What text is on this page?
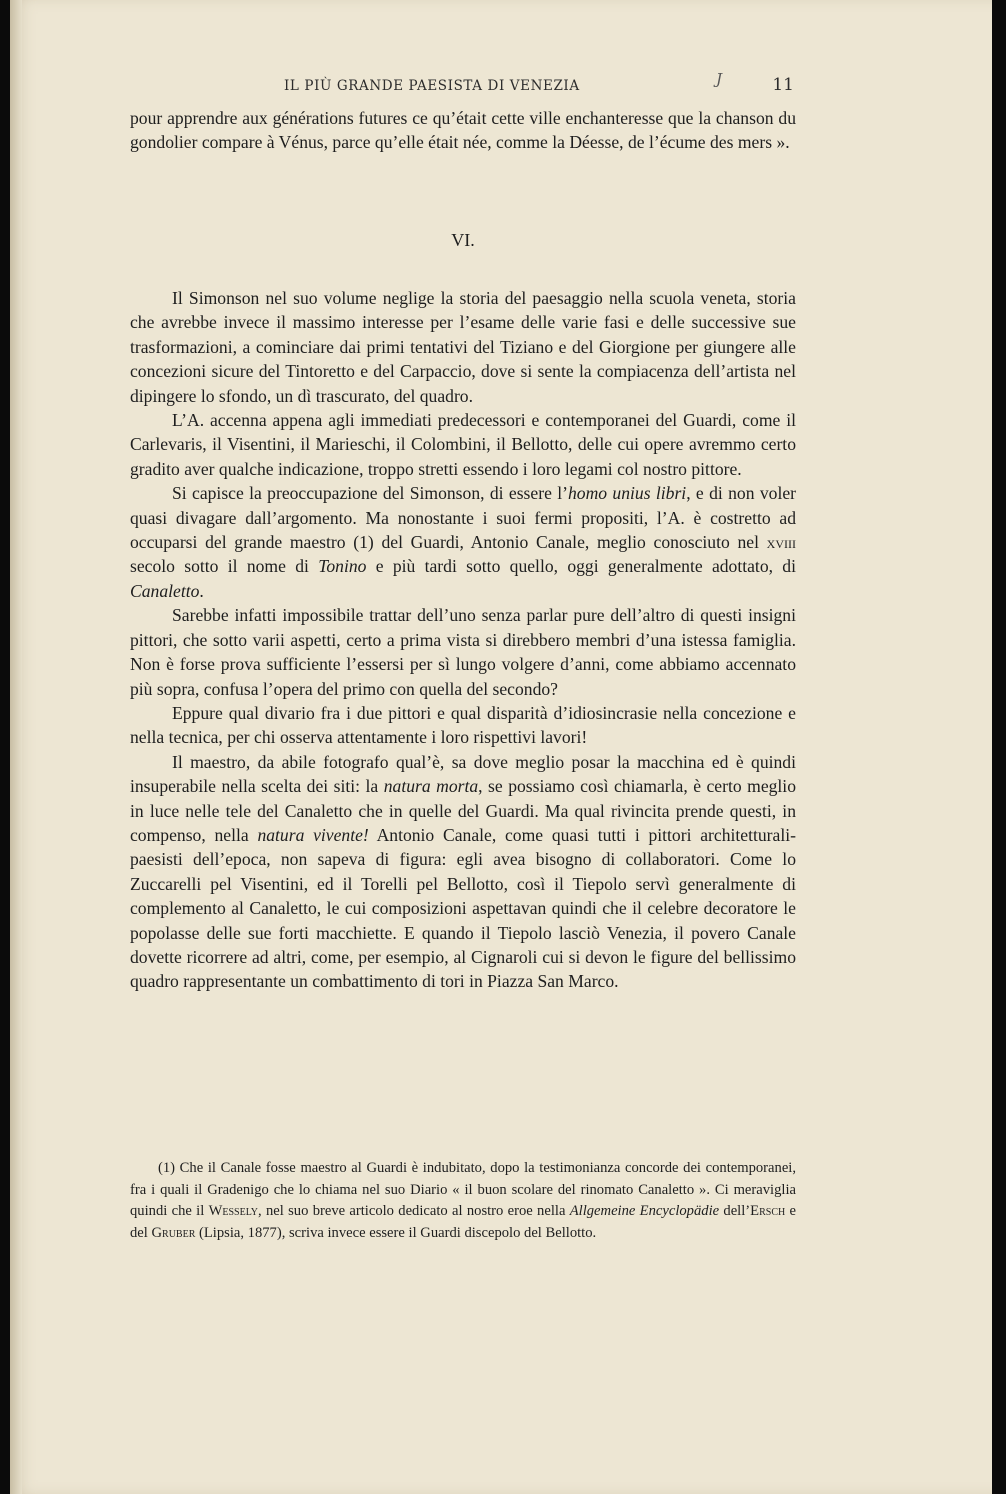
IL PIÙ GRANDE PAESISTA DI VENEZIA	J	11

pour apprendre aux générations futures ce qu’était cette ville enchanteresse que la chanson du gondolier compare à Vénus, parce qu’elle était née, comme la Déesse, de l’écume des mers ».

VI.

Il Simonson nel suo volume neglige la storia del paesaggio nella scuola veneta, storia che avrebbe invece il massimo interesse per l’esame delle varie fasi e delle successive sue trasformazioni, a cominciare dai primi tentativi del Tiziano e del Giorgione per giungere alle concezioni sicure del Tintoretto e del Carpaccio, dove si sente la compiacenza dell’artista nel dipingere lo sfondo, un dì trascurato, del quadro.

L’A. accenna appena agli immediati predecessori e contemporanei del Guardi, come il Carlevaris, il Visentini, il Marieschi, il Colombini, il Bellotto, delle cui opere avremmo certo gradito aver qualche indicazione, troppo stretti essendo i loro legami col nostro pittore.

Si capisce la preoccupazione del Simonson, di essere l’homo unius libri, e di non voler quasi divagare dall’argomento. Ma nonostante i suoi fermi propositi, l’A. è costretto ad occuparsi del grande maestro (1) del Guardi, Antonio Canale, meglio conosciuto nel xviii secolo sotto il nome di Tonino e più tardi sotto quello, oggi generalmente adottato, di Canaletto.

Sarebbe infatti impossibile trattar dell’uno senza parlar pure dell’altro di questi insigni pittori, che sotto varii aspetti, certo a prima vista si direbbero membri d’una istessa famiglia. Non è forse prova sufficiente l’essersi per sì lungo volgere d’anni, come abbiamo accennato più sopra, confusa l’opera del primo con quella del secondo?

Eppure qual divario fra i due pittori e qual disparità d’idiosincrasie nella concezione e nella tecnica, per chi osserva attentamente i loro rispettivi lavori!

Il maestro, da abile fotografo qual’è, sa dove meglio posar la macchina ed è quindi insuperabile nella scelta dei siti: la natura morta, se possiamo così chiamarla, è certo meglio in luce nelle tele del Canaletto che in quelle del Guardi. Ma qual rivincita prende questi, in compenso, nella natura vivente! Antonio Canale, come quasi tutti i pittori architetturali-paesisti dell’epoca, non sapeva di figura: egli avea bisogno di collaboratori. Come lo Zuccarelli pel Visentini, ed il Torelli pel Bellotto, così il Tiepolo servì generalmente di complemento al Canaletto, le cui composizioni aspettavan quindi che il celebre decoratore le popolasse delle sue forti macchiette. E quando il Tiepolo lasciò Venezia, il povero Canale dovette ricorrere ad altri, come, per esempio, al Cignaroli cui si devon le figure del bellissimo quadro rappresentante un combattimento di tori in Piazza San Marco.

(1) Che il Canale fosse maestro al Guardi è indubitato, dopo la testimonianza concorde dei contemporanei, fra i quali il Gradenigo che lo chiama nel suo Diario « il buon scolare del rinomato Canaletto ». Ci meraviglia quindi che il Wessely, nel suo breve articolo dedicato al nostro eroe nella Allgemeine Encyclopädie dell’Ersch e del Gruber (Lipsia, 1877), scriva invece essere il Guardi discepolo del Bellotto.
